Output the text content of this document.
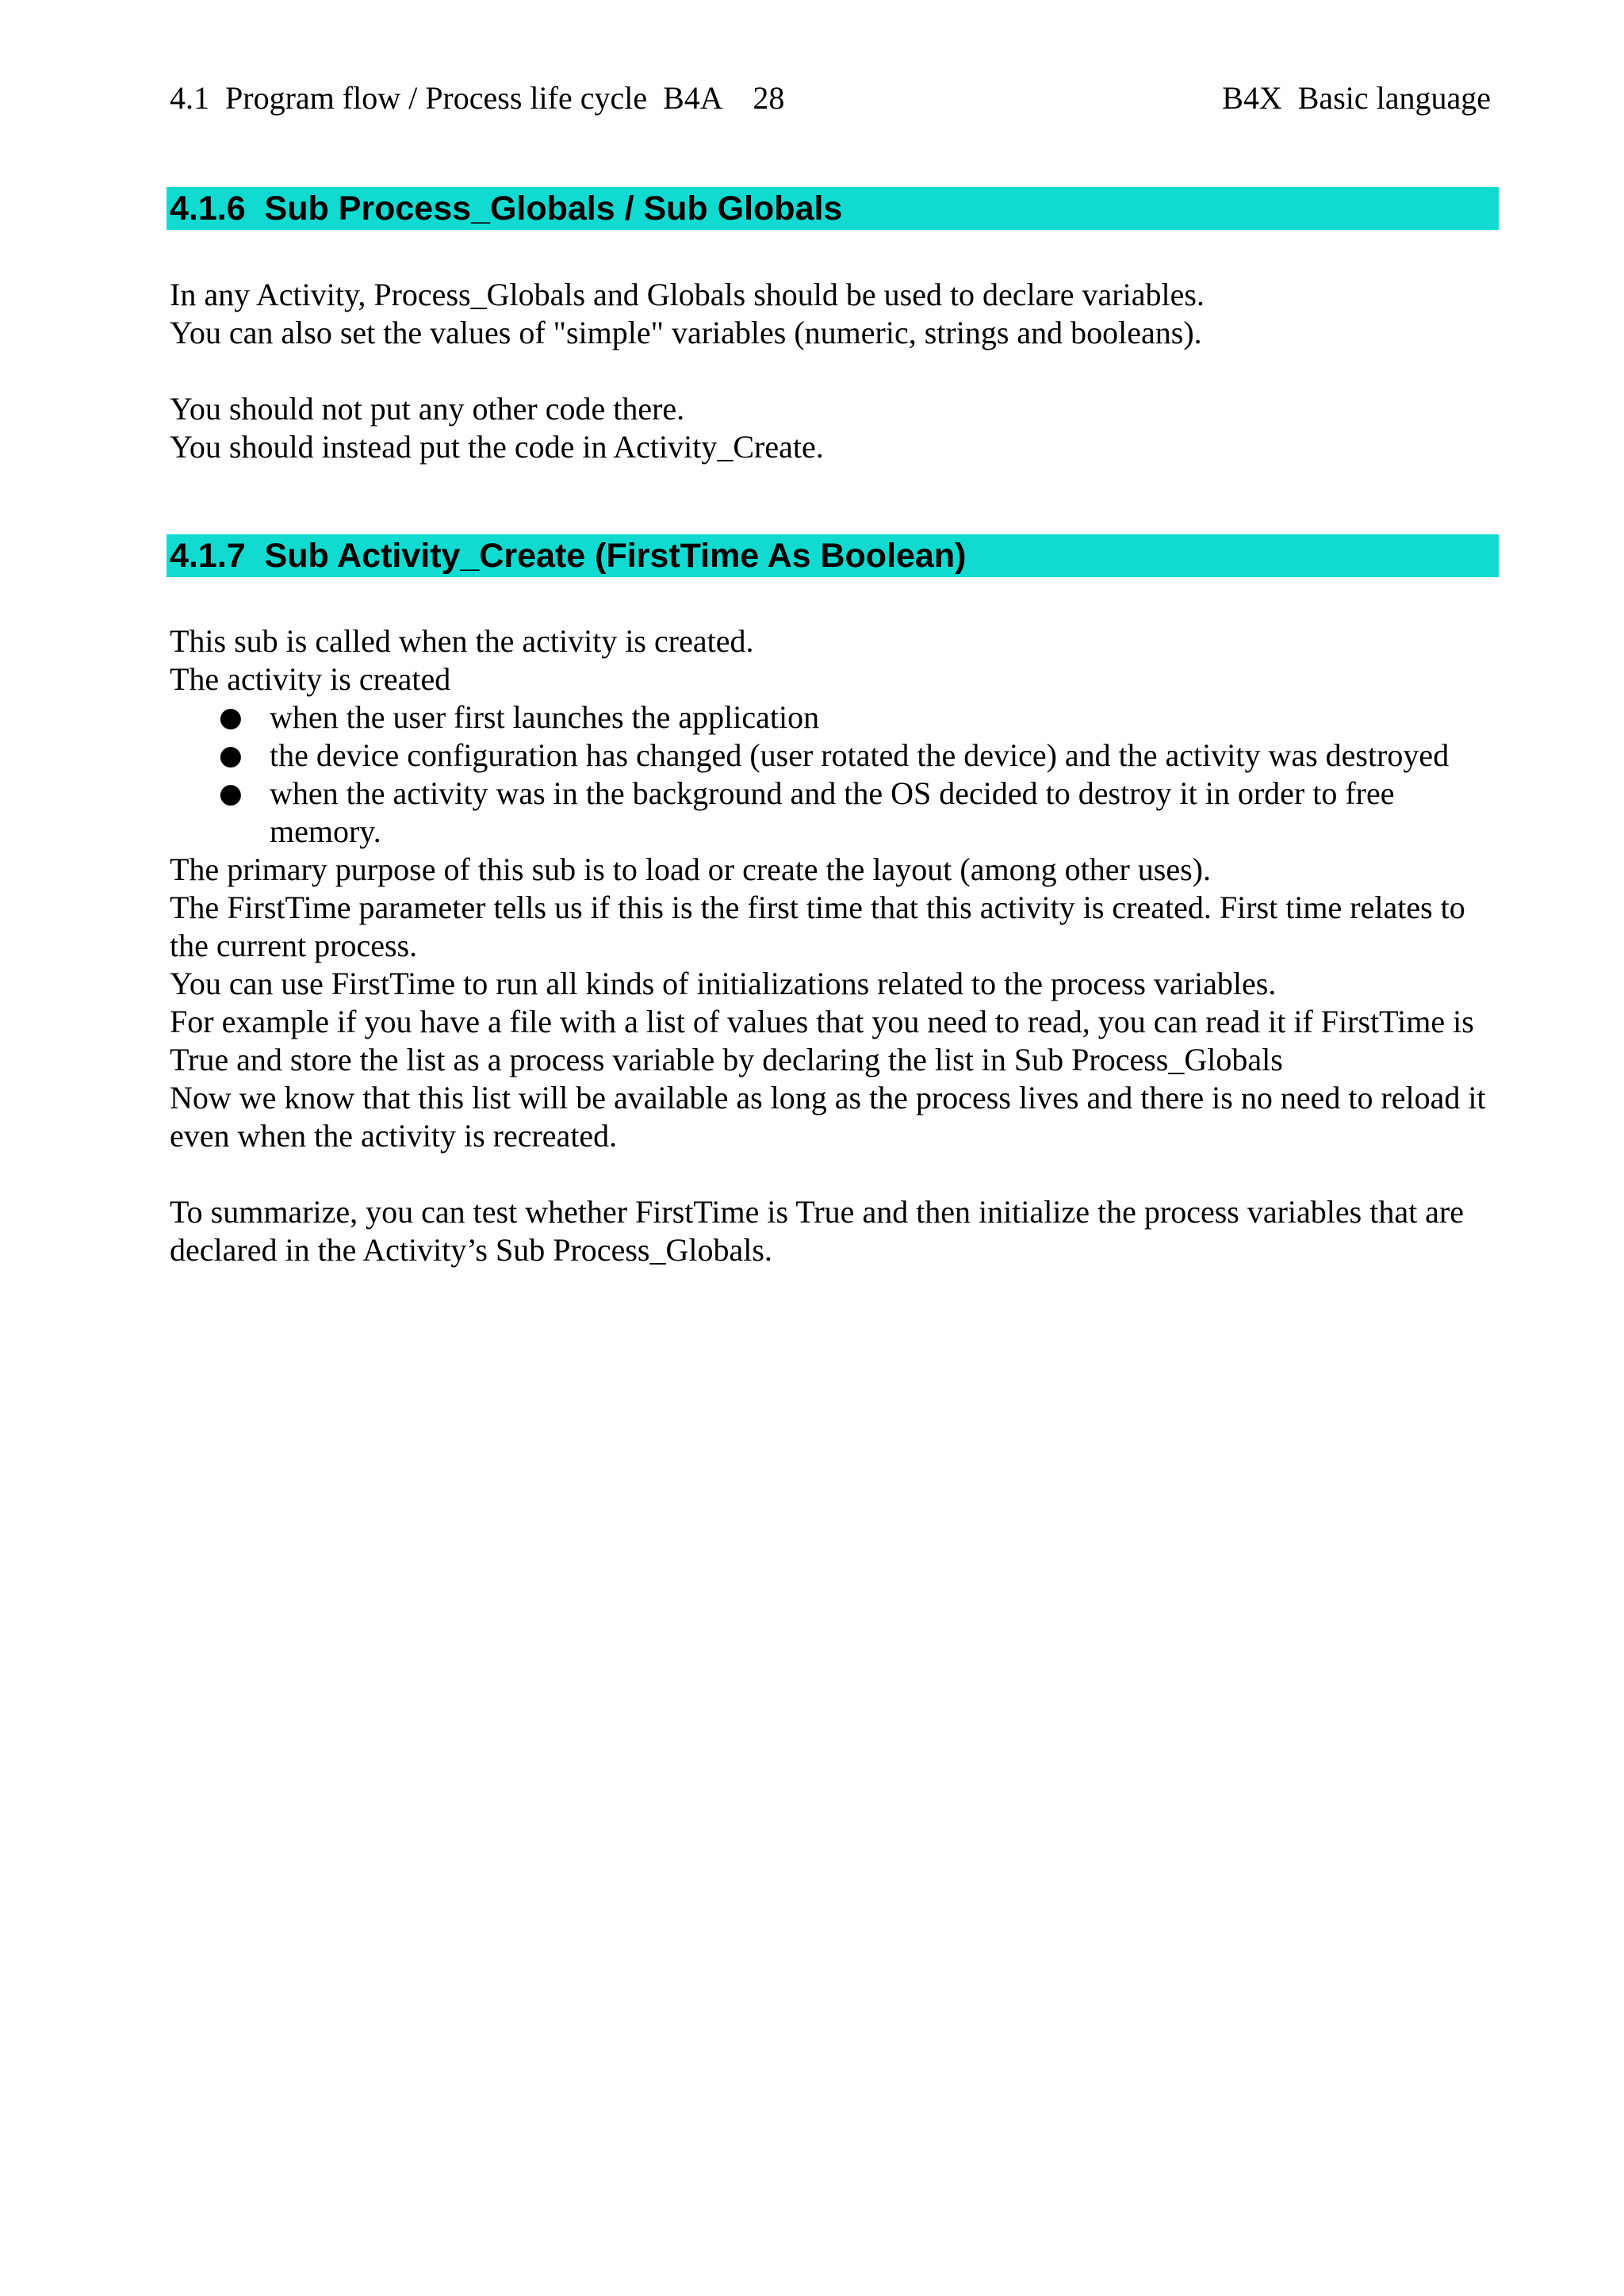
4.1  Program flow / Process life cycle  B4A    28	B4X  Basic language
4.1.6  Sub Process_Globals / Sub Globals

In any Activity, Process_Globals and Globals should be used to declare variables.

You can also set the values of "simple" variables (numeric, strings and booleans).

You should not put any other code there.

You should instead put the code in Activity_Create.

4.1.7  Sub Activity_Create (FirstTime As Boolean)

This sub is called when the activity is created.

The activity is created

● when the user first launches the application
● the device configuration has changed (user rotated the device) and the activity was destroyed
● when the activity was in the background and the OS decided to destroy it in order to free memory.

The primary purpose of this sub is to load or create the layout (among other uses).

The FirstTime parameter tells us if this is the first time that this activity is created. First time relates to the current process.

You can use FirstTime to run all kinds of initializations related to the process variables.

For example if you have a file with a list of values that you need to read, you can read it if FirstTime is True and store the list as a process variable by declaring the list in Sub Process_Globals

Now we know that this list will be available as long as the process lives and there is no need to reload it even when the activity is recreated.

To summarize, you can test whether FirstTime is True and then initialize the process variables that are declared in the Activity’s Sub Process_Globals.
